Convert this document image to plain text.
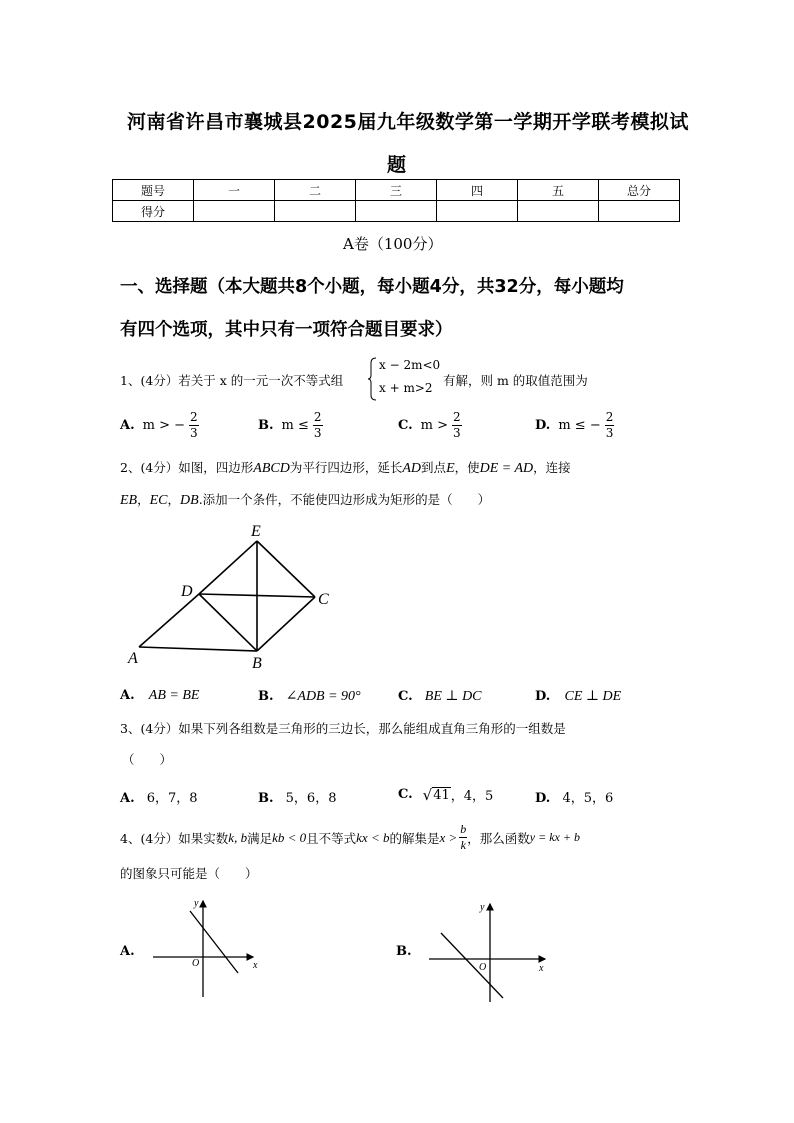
河南省许昌市襄城县2025届九年级数学第一学期开学联考模拟试
题
题号	一	二	三	四	五	总分
得分						
A卷（100分）
一、选择题（本大题共8个小题，每小题4分，共32分，每小题均
有四个选项，其中只有一项符合题目要求）
1、(4分）若关于 x 的一元一次不等式组
x − 2m<0
x + m>2 有解，则 m 的取值范围为
A. m > − $\frac{2}{3}$	B. $m \le \frac{2}{3}$	C. $m > \frac{2}{3}$	D. m ≤ − $\frac{2}{3}$
2、(4分）如图，四边形ABCD为平行四边形，延长AD到点E，使DE = AD，连接
EB，EC，DB.添加一个条件，不能使四边形成为矩形的是（　　）
E
D	C
A	B
A. AB = BE	B. ∠ADB = 90°	C. BE ⊥ DC	D. CE ⊥ DE
3、(4分）如果下列各组数是三角形的三边长，那么能组成直角三角形的一组数是
（　　）
A. 6，7，8	B. 5，6，8	C. √ 41 ，4，5	D. 4，5，6
4、(4分）如果实数 k, b 满足 kb < 0 且不等式 kx < b 的解集是 $x > \frac{b}{k}$ ，那么函数 y = kx + b
的图象只可能是（　　）
A.
y
x
O
B.
y
x
O
